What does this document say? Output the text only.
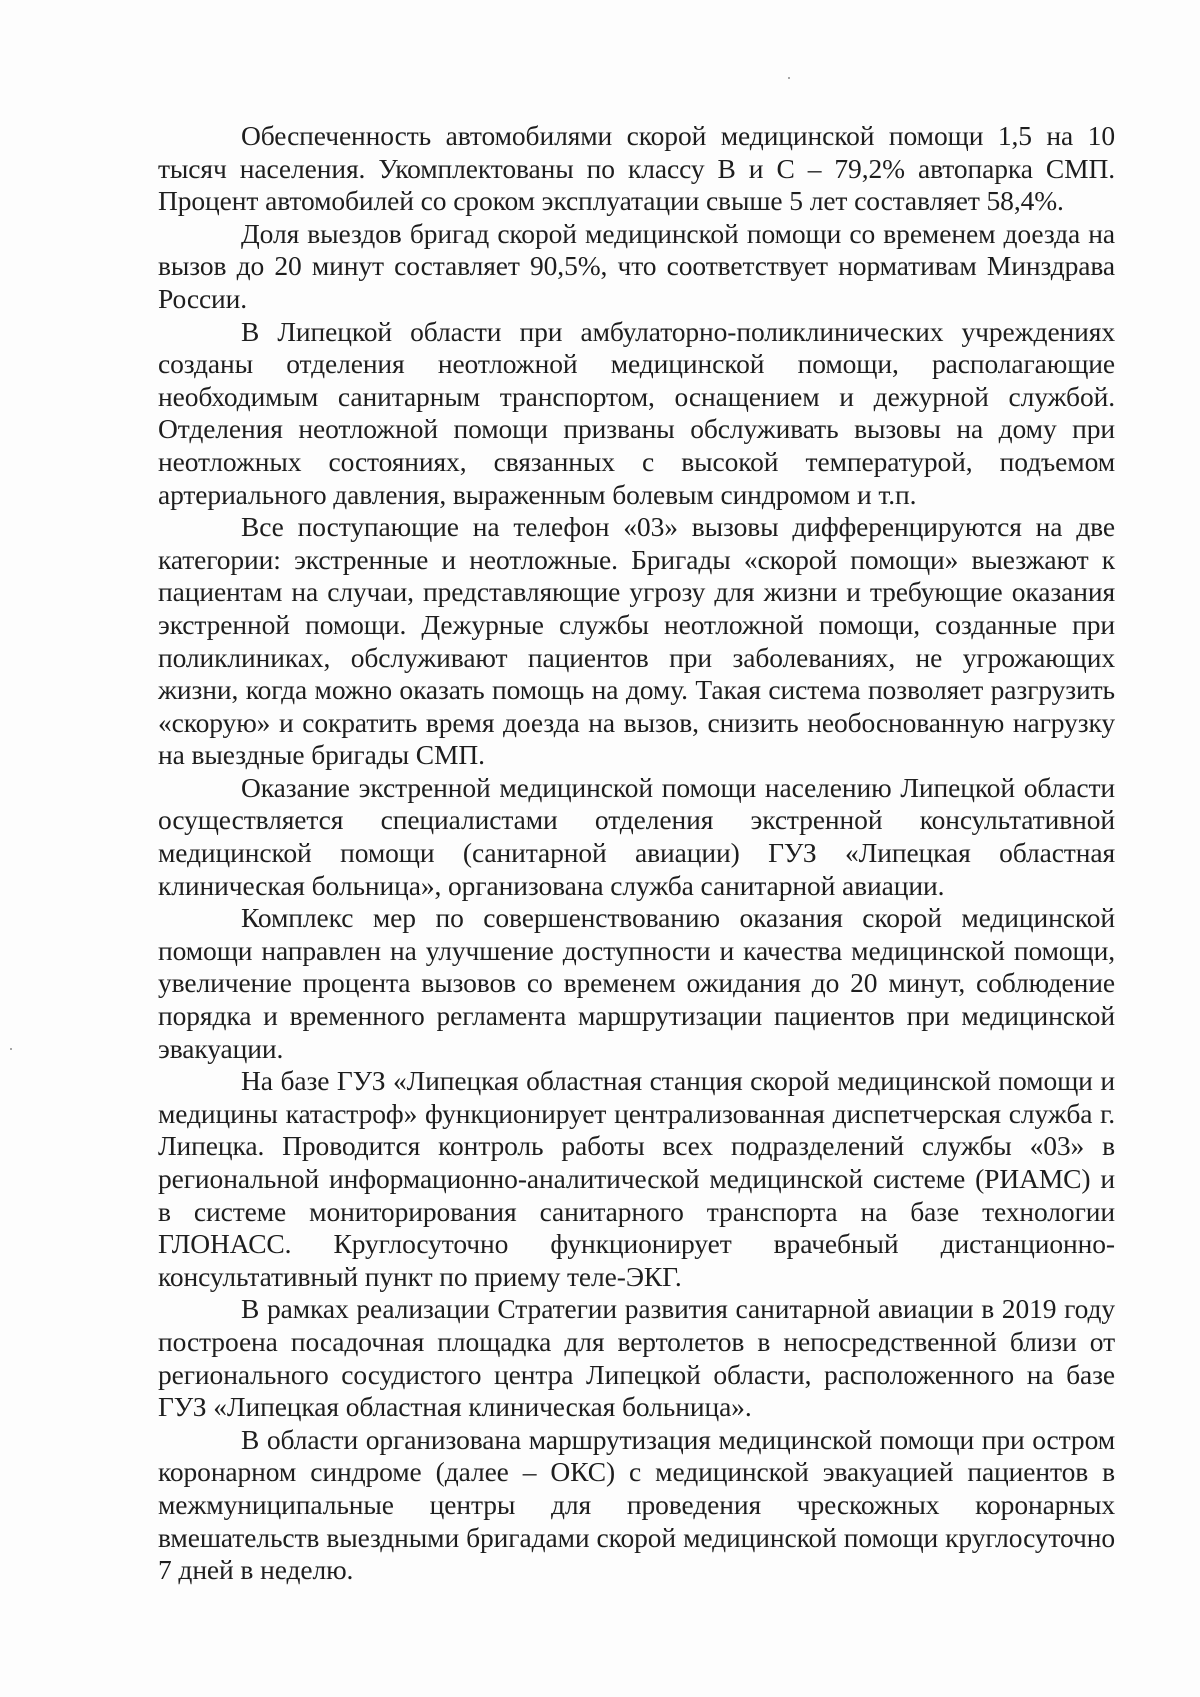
Обеспеченность автомобилями скорой медицинской помощи 1,5 на 10 тысяч населения. Укомплектованы по классу В и С – 79,2% автопарка СМП. Процент автомобилей со сроком эксплуатации свыше 5 лет составляет 58,4%.

Доля выездов бригад скорой медицинской помощи со временем доезда на вызов до 20 минут составляет 90,5%, что соответствует нормативам Минздрава России.

В Липецкой области при амбулаторно-поликлинических учреждениях созданы отделения неотложной медицинской помощи, располагающие необходимым санитарным транспортом, оснащением и дежурной службой. Отделения неотложной помощи призваны обслуживать вызовы на дому при неотложных состояниях, связанных с высокой температурой, подъемом артериального давления, выраженным болевым синдромом и т.п.

Все поступающие на телефон «03» вызовы дифференцируются на две категории: экстренные и неотложные. Бригады «скорой помощи» выезжают к пациентам на случаи, представляющие угрозу для жизни и требующие оказания экстренной помощи. Дежурные службы неотложной помощи, созданные при поликлиниках, обслуживают пациентов при заболеваниях, не угрожающих жизни, когда можно оказать помощь на дому. Такая система позволяет разгрузить «скорую» и сократить время доезда на вызов, снизить необоснованную нагрузку на выездные бригады СМП.

Оказание экстренной медицинской помощи населению Липецкой области осуществляется специалистами отделения экстренной консультативной медицинской помощи (санитарной авиации) ГУЗ «Липецкая областная клиническая больница», организована служба санитарной авиации.

Комплекс мер по совершенствованию оказания скорой медицинской помощи направлен на улучшение доступности и качества медицинской помощи, увеличение процента вызовов со временем ожидания до 20 минут, соблюдение порядка и временного регламента маршрутизации пациентов при медицинской эвакуации.

На базе ГУЗ «Липецкая областная станция скорой медицинской помощи и медицины катастроф» функционирует централизованная диспетчерская служба г. Липецка. Проводится контроль работы всех подразделений службы «03» в региональной информационно-аналитической медицинской системе (РИАМС) и в системе мониторирования санитарного транспорта на базе технологии ГЛОНАСС. Круглосуточно функционирует врачебный дистанционно-консультативный пункт по приему теле-ЭКГ.

В рамках реализации Стратегии развития санитарной авиации в 2019 году построена посадочная площадка для вертолетов в непосредственной близи от регионального сосудистого центра Липецкой области, расположенного на базе ГУЗ «Липецкая областная клиническая больница».

В области организована маршрутизация медицинской помощи при остром коронарном синдроме (далее – ОКС) с медицинской эвакуацией пациентов в межмуниципальные центры для проведения чрескожных коронарных вмешательств выездными бригадами скорой медицинской помощи круглосуточно 7 дней в неделю.
